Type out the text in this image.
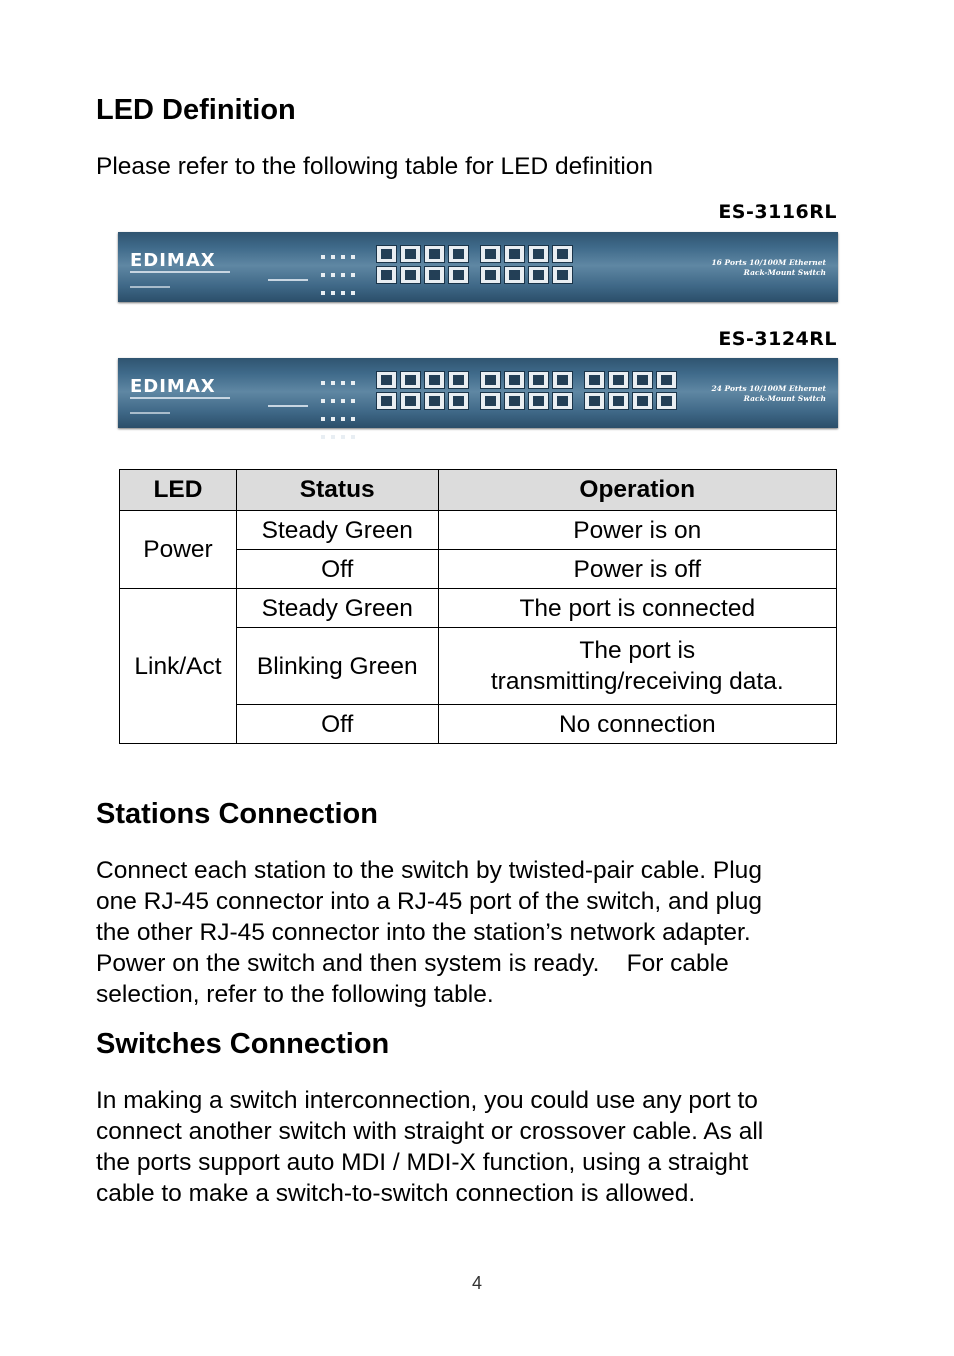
LED Definition

Please refer to the following table for LED definition

ES-3116RL
EDIMAX
	16 Ports 10/100M Ethernet
Rack-Mount Switch
ES-3124RL
EDIMAX
	24 Ports 10/100M Ethernet
Rack-Mount Switch
LED	Status	Operation
Power	Steady Green	Power is on
	Off	Power is off
Link/Act	Steady Green	The port is connected
	Blinking Green	The port is
transmitting/receiving data.

	Off	No connection
Stations Connection
Connect each station to the switch by twisted-pair cable. Plug
one RJ-45 connector into a RJ-45 port of the switch, and plug
the other RJ-45 connector into the station’s network adapter.
Power on the switch and then system is ready.    For cable
selection, refer to the following table.
Switches Connection
In making a switch interconnection, you could use any port to
connect another switch with straight or crossover cable. As all
the ports support auto MDI / MDI-X function, using a straight
cable to make a switch-to-switch connection is allowed.
4
